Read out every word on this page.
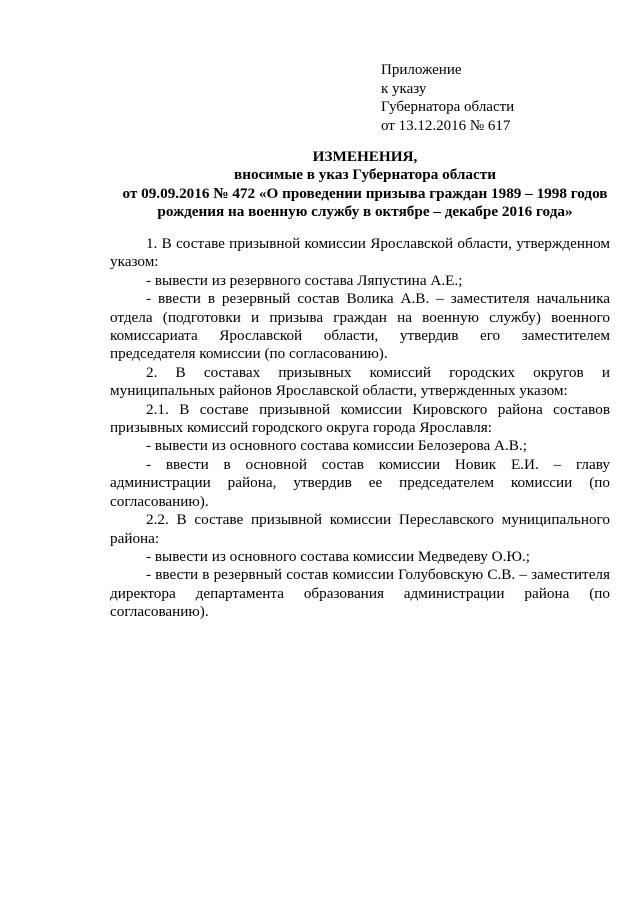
Приложение
к указу
Губернатора области
от 13.12.2016 № 617
ИЗМЕНЕНИЯ,
вносимые в указ Губернатора области
от 09.09.2016 № 472 «О проведении призыва граждан 1989 – 1998 годов
рождения на военную службу в октябре – декабре 2016 года»

1. В составе призывной комиссии Ярославской области, утвержденном указом:

- вывести из резервного состава Ляпустина А.Е.;

- ввести в резервный состав Волика А.В. – заместителя начальника отдела (подготовки и призыва граждан на военную службу) военного комиссариата Ярославской области, утвердив его заместителем председателя комиссии (по согласованию).

2. В составах призывных комиссий городских округов и муниципальных районов Ярославской области, утвержденных указом:

2.1. В составе призывной комиссии Кировского района составов призывных комиссий городского округа города Ярославля:

- вывести из основного состава комиссии Белозерова А.В.;

- ввести в основной состав комиссии Новик Е.И. – главу администрации района, утвердив ее председателем комиссии (по согласованию).

2.2. В составе призывной комиссии Переславского муниципального района:

- вывести из основного состава комиссии Медведеву О.Ю.;

- ввести в резервный состав комиссии Голубовскую С.В. – заместителя директора департамента образования администрации района (по согласованию).
